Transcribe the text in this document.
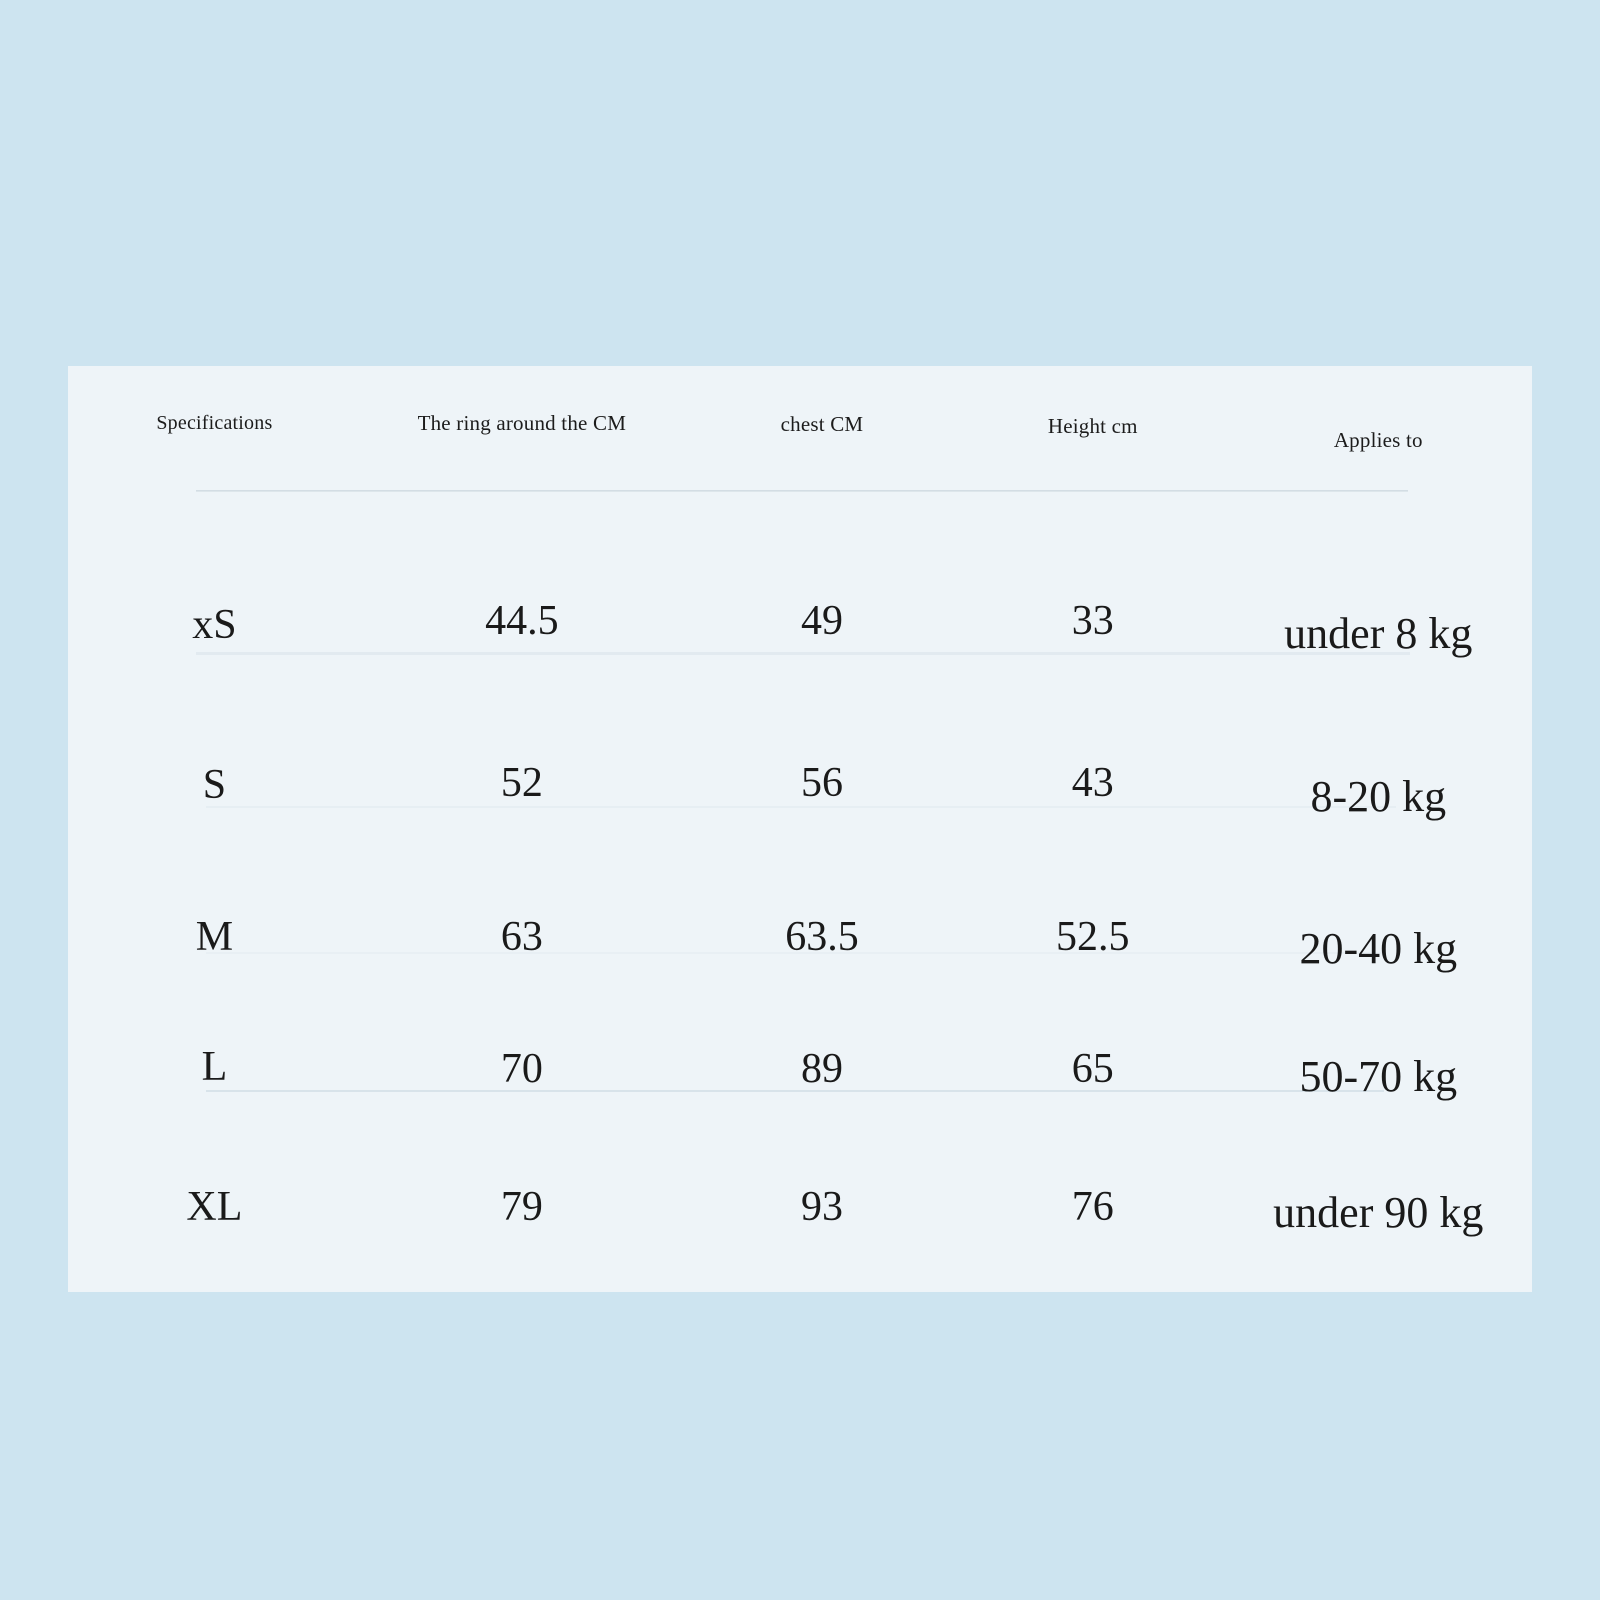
Specifications	The ring around the CM	chest CM	Height cm	Applies to
xS	44.5	49	33	under 8 kg
S	52	56	43	8-20 kg
M	63	63.5	52.5	20-40 kg
L	70	89	65	50-70 kg
XL	79	93	76	under 90 kg
